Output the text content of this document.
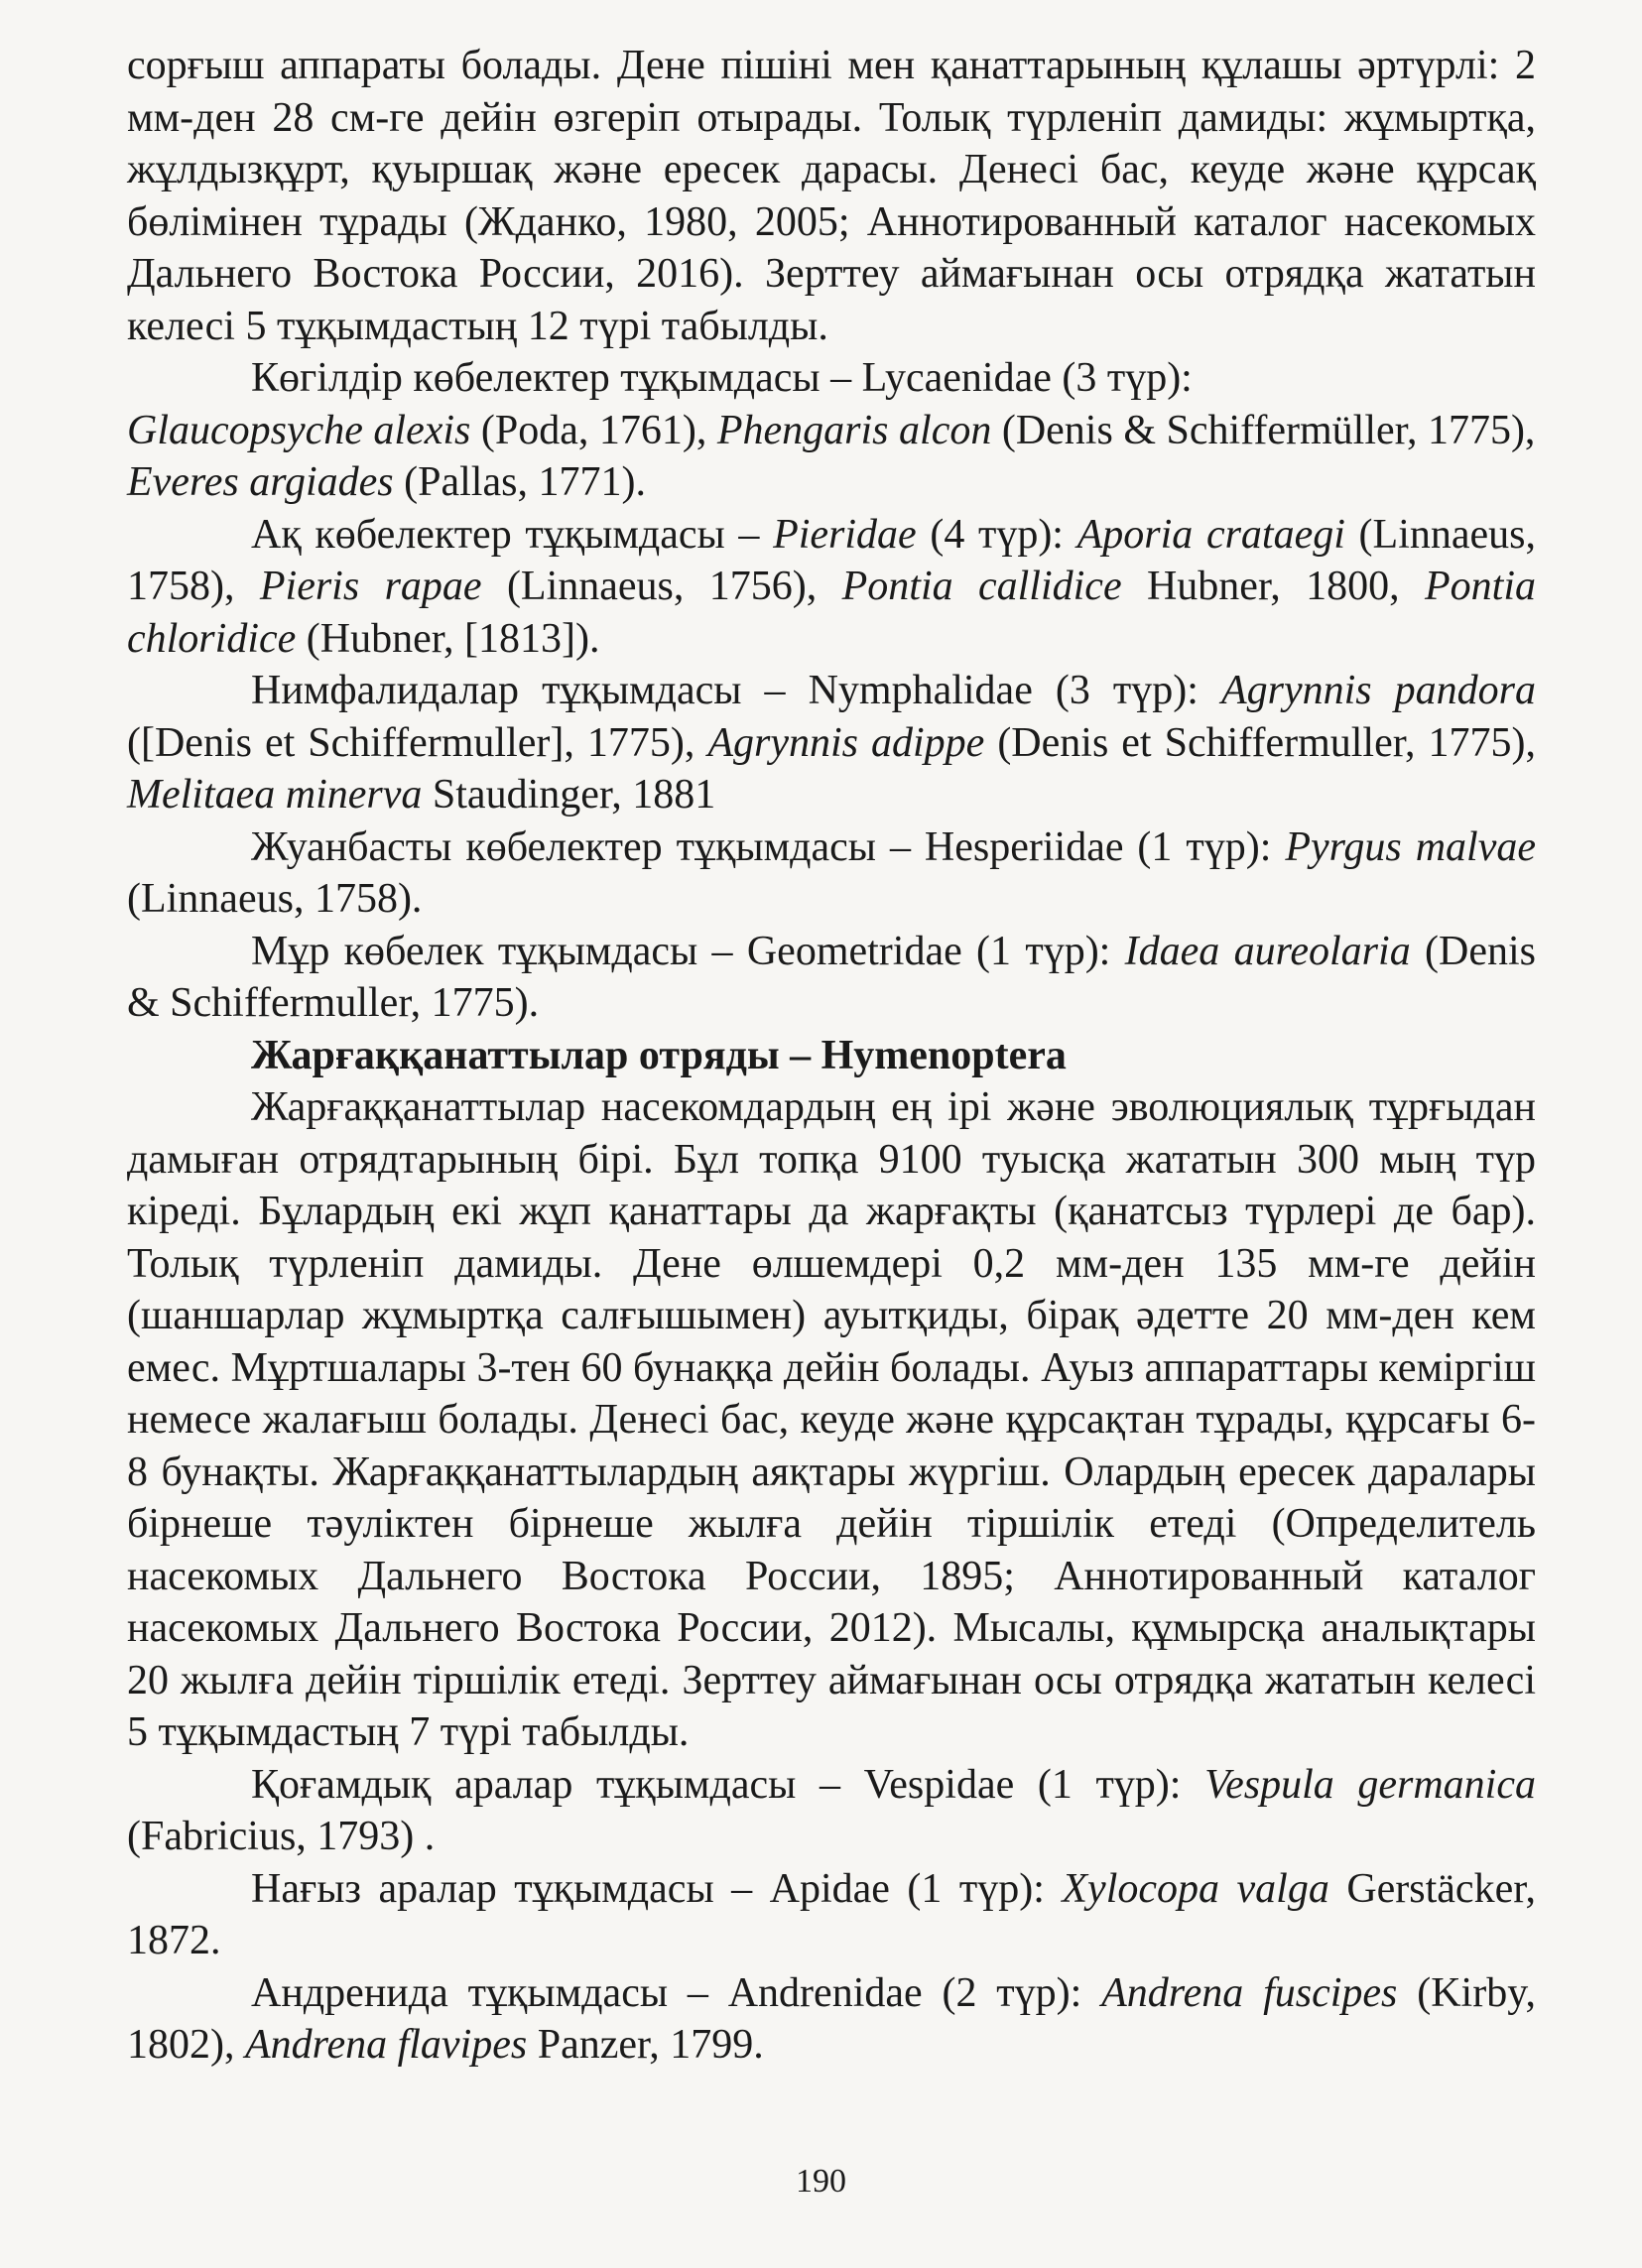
сорғыш аппараты болады. Дене пішіні мен қанаттарының құлашы әртүрлі: 2 мм-ден 28 см-ге дейін өзгеріп отырады. Толық түрленіп дамиды: жұмыртқа, жұлдызқұрт, қуыршақ және ересек дарасы. Денесі бас, кеуде және құрсақ бөлімінен тұрады (Жданко, 1980, 2005; Аннотированный каталог насекомых Дальнего Востока России, 2016). Зерттеу аймағынан осы отрядқа жататын келесі 5 тұқымдастың 12 түрі табылды.

Көгілдір көбелектер тұқымдасы – Lycaenidae (3 түр):
Glaucopsyche alexis (Poda, 1761), Phengaris alcon (Denis & Schiffermüller, 1775), Everes argiades (Pallas, 1771).

Ақ көбелектер тұқымдасы – Pieridae (4 түр): Aporia crataegi (Linnaeus, 1758), Pieris rapae (Linnaeus, 1756), Pontia callidice Hubner, 1800, Pontia chloridice (Hubner, [1813]).

Нимфалидалар тұқымдасы – Nymphalidae (3 түр): Agrynnis pandora ([Denis et Schiffermuller], 1775), Agrynnis adippe (Denis et Schiffermuller, 1775), Melitaea minerva Staudinger, 1881

Жуанбасты көбелектер тұқымдасы – Hesperiidae (1 түр): Pyrgus malvae (Linnaeus, 1758).

Мұр көбелек тұқымдасы – Geometridae (1 түр): Idaea aureolaria (Denis & Schiffermuller, 1775).

Жарғаққанаттылар отряды – Hymenoptera

Жарғаққанаттылар насекомдардың ең ірі және эволюциялық тұрғыдан дамыған отрядтарының бірі. Бұл топқа 9100 туысқа жататын 300 мың түр кіреді. Бұлардың екі жұп қанаттары да жарғақты (қанатсыз түрлері де бар). Толық түрленіп дамиды. Дене өлшемдері 0,2 мм-ден 135 мм-ге дейін (шаншарлар жұмыртқа салғышымен) ауытқиды, бірақ әдетте 20 мм-ден кем емес. Мұртшалары 3-тен 60 бунаққа дейін болады. Ауыз аппараттары кеміргіш немесе жалағыш болады. Денесі бас, кеуде және құрсақтан тұрады, құрсағы 6-8 бунақты. Жарғаққанаттылардың аяқтары жүргіш. Олардың ересек даралары бірнеше тәуліктен бірнеше жылға дейін тіршілік етеді (Определитель насекомых Дальнего Востока России, 1895; Аннотированный каталог насекомых Дальнего Востока России, 2012). Мысалы, құмырсқа аналықтары 20 жылға дейін тіршілік етеді. Зерттеу аймағынан осы отрядқа жататын келесі 5 тұқымдастың 7 түрі табылды.

Қоғамдық аралар тұқымдасы – Vespidae (1 түр): Vespula germanica (Fabricius, 1793) .

Нағыз аралар тұқымдасы – Apidae (1 түр): Xylocopa valga Gerstäcker, 1872.

Андренида тұқымдасы – Andrenidae (2 түр): Andrena fuscipes (Kirby, 1802), Andrena flavipes Panzer, 1799.

190
